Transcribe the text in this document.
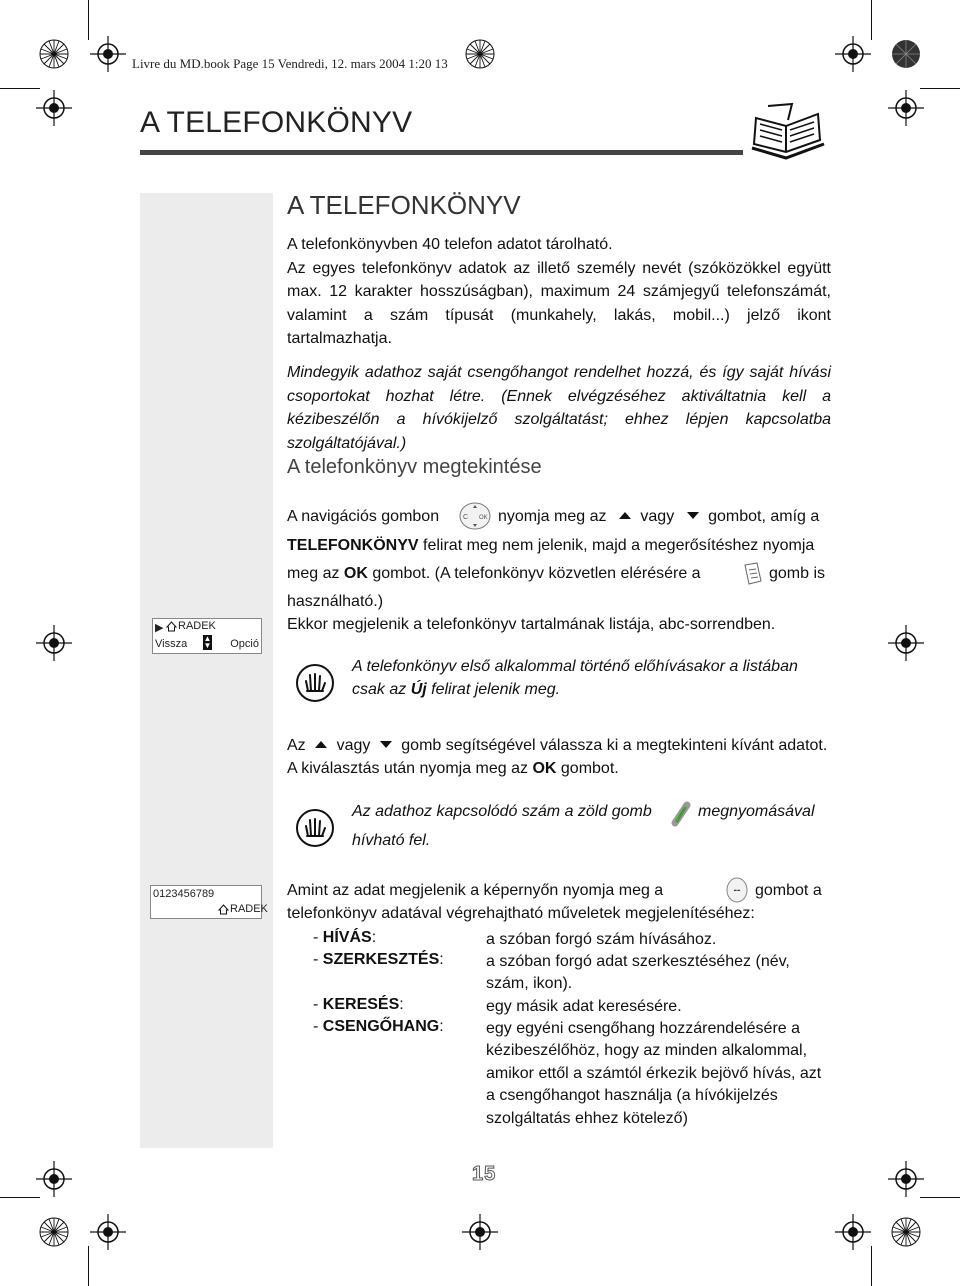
Livre du MD.book Page 15 Vendredi, 12. mars 2004 1:20 13
A TELEFONKÖNYV
▶ RADEK
Vissza ▲
▼ Opció
0123456789
RADEK
A TELEFONKÖNYV
A telefonkönyvben 40 telefon adatot tárolható.
Az egyes telefonkönyv adatok az illető személy nevét (szóközökkel együtt max. 12 karakter hosszúságban), maximum 24 számjegyű telefonszámát, valamint a szám típusát (munkahely, lakás, mobil...) jelző ikont tartalmazhatja.
Mindegyik adathoz saját csengőhangot rendelhet hozzá, és így saját hívási csoportokat hozhat létre. (Ennek elvégzéséhez aktiváltatnia kell a kézibeszélőn a hívókijelző szolgáltatást; ehhez lépjen kapcsolatba szolgáltatójával.)
A telefonkönyv megtekintése
A navigációs gombon	C OK nyomja meg az vagy gombot, amíg a
TELEFONKÖNYV felirat meg nem jelenik, majd a megerősítéshez nyomja
meg az OK gombot. (A telefonkönyv közvetlen elérésére a	gomb is
használható.)
Ekkor megjelenik a telefonkönyv tartalmának listája, abc-sorrendben.
A telefonkönyv első alkalommal történő előhívásakor a listában
csak az Új felirat jelenik meg.
Az vagy gomb segítségével válassza ki a megtekinteni kívánt adatot.
A kiválasztás után nyomja meg az OK gombot.
Az adathoz kapcsolódó szám a zöld gomb	megnyomásával
hívható fel.
Amint az adat megjelenik a képernyőn nyomja meg a	-- gombot a
telefonkönyv adatával végrehajtható műveletek megjelenítéséhez:
- HÍVÁS:	a szóban forgó szám hívásához.
- SZERKESZTÉS:	a szóban forgó adat szerkesztéséhez (név, szám, ikon).
- KERESÉS:	egy másik adat keresésére.
- CSENGŐHANG:	egy egyéni csengőhang hozzárendelésére a kézibeszélőhöz, hogy az minden alkalommal, amikor ettől a számtól érkezik bejövő hívás, azt a csengőhangot használja (a hívókijelzés szolgáltatás ehhez kötelező)
15
